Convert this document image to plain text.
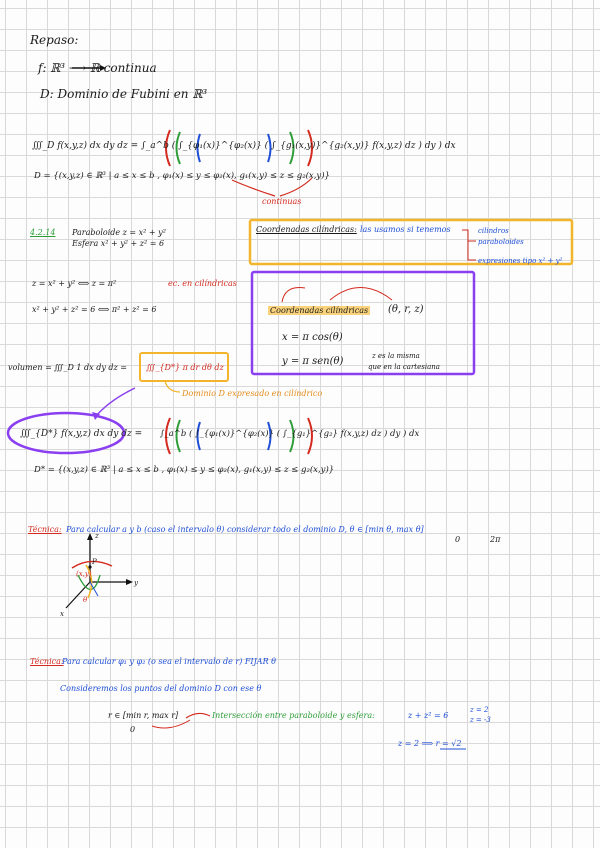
Repaso:
f: ℝ³ ⟶ ℝ continua
D: Dominio de Fubini en ℝ³
∭_D f(x,y,z) dx dy dz = ∫_a^b ( ∫_{φ₁(x)}^{φ₂(x)} ( ∫_{g₁(x,y)}^{g₂(x,y)} f(x,y,z) dz ) dy ) dx
D = {(x,y,z) ∈ ℝ³ | a ≤ x ≤ b , φ₁(x) ≤ y ≤ φ₂(x), g₁(x,y) ≤ z ≤ g₂(x,y)}
continuas
4.2.14 Paraboloide z = x² + y²
Esfera x² + y² + z² = 6
Coordenadas cilíndricas: las usamos si tenemos	cilindros
paraboloides
expresiones tipo x² + y²
z = x² + y² ⟺ z = π²	ec. en cilíndricas
x² + y² + z² = 6 ⟺ π² + z² = 6	Coordenadas cilíndricas (θ, r, z)
x = π cos(θ)
y = π sen(θ)	z es la misma
que en la cartesiana
volumen = ∭_D 1 dx dy dz = ∭_{D*} π dr dθ dz
Dominio D expresado en cilíndrico
∭_{D*} f(x,y,z) dx dy dz = ∫_a^b ( ∫_{φ₁(x)}^{φ₂(x)} ( ∫_{g₁}^{g₂} f(x,y,z) dz ) dy ) dx
D* = {(x,y,z) ∈ ℝ³ | a ≤ x ≤ b , φ₁(x) ≤ y ≤ φ₂(x), g₁(x,y) ≤ z ≤ g₂(x,y)}
Técnica: Para calcular a y b (caso el intervalo θ) considerar todo el dominio D, θ ∈ [min θ, max θ]
0	2π
z
y
x
P
(x,y)
θ
Técnica:
Para calcular φ₁ y φ₂ (o sea el intervalo de r) FIJAR θ
Consideremos los puntos del dominio D con ese θ
r ∈ [min r, max r]
0
Intersección entre paraboloide y esfera:	z + z² = 6
z = 2
z = -3
z = 2 ⟹ r = √2
